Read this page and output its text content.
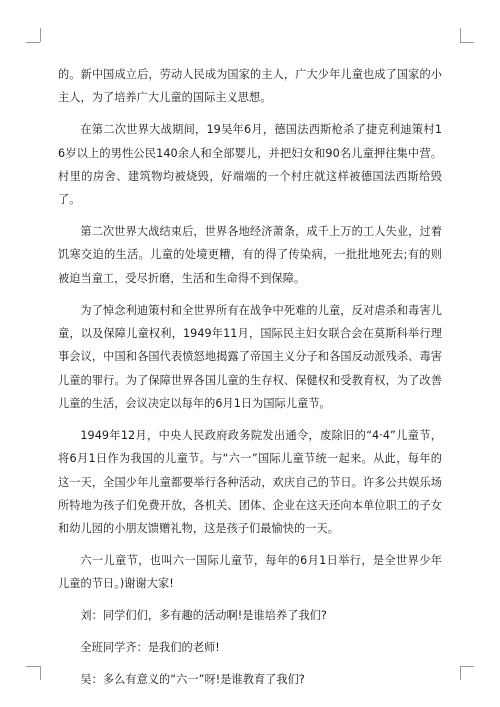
的。新中国成立后，劳动人民成为国家的主人，广大少年儿童也成了国家的小主人，为了培养广大儿童的国际主义思想。

在第二次世界大战期间，19吴年6月，德国法西斯枪杀了捷克利迪策村16岁以上的男性公民140余人和全部婴儿，并把妇女和90名儿童押往集中营。村里的房舍、建筑物均被烧毁，好端端的一个村庄就这样被德国法西斯给毁了。

第二次世界大战结束后，世界各地经济萧条，成千上万的工人失业，过着饥寒交迫的生活。儿童的处境更糟，有的得了传染病，一批批地死去;有的则被迫当童工，受尽折磨，生活和生命得不到保障。

为了悼念利迪策村和全世界所有在战争中死难的儿童，反对虐杀和毒害儿童，以及保障儿童权利，1949年11月，国际民主妇女联合会在莫斯科举行理事会议，中国和各国代表愤怒地揭露了帝国主义分子和各国反动派残杀、毒害儿童的罪行。为了保障世界各国儿童的生存权、保健权和受教育权，为了改善儿童的生活，会议决定以每年的6月1日为国际儿童节。

1949年12月，中央人民政府政务院发出通令，废除旧的“4·4”儿童节，将6月1日作为我国的儿童节。与“六一”国际儿童节统一起来。从此，每年的这一天，全国少年儿童都要举行各种活动，欢庆自己的节日。许多公共娱乐场所特地为孩子们免费开放，各机关、团体、企业在这天还向本单位职工的子女和幼儿园的小朋友馈赠礼物，这是孩子们最愉快的一天。

六一儿童节，也叫六一国际儿童节，每年的6月1日举行，是全世界少年儿童的节日。)谢谢大家!

刘：同学们们，多有趣的活动啊!是谁培养了我们?

全班同学齐：是我们的老师!

吴：多么有意义的“六一”呀!是谁教育了我们?
